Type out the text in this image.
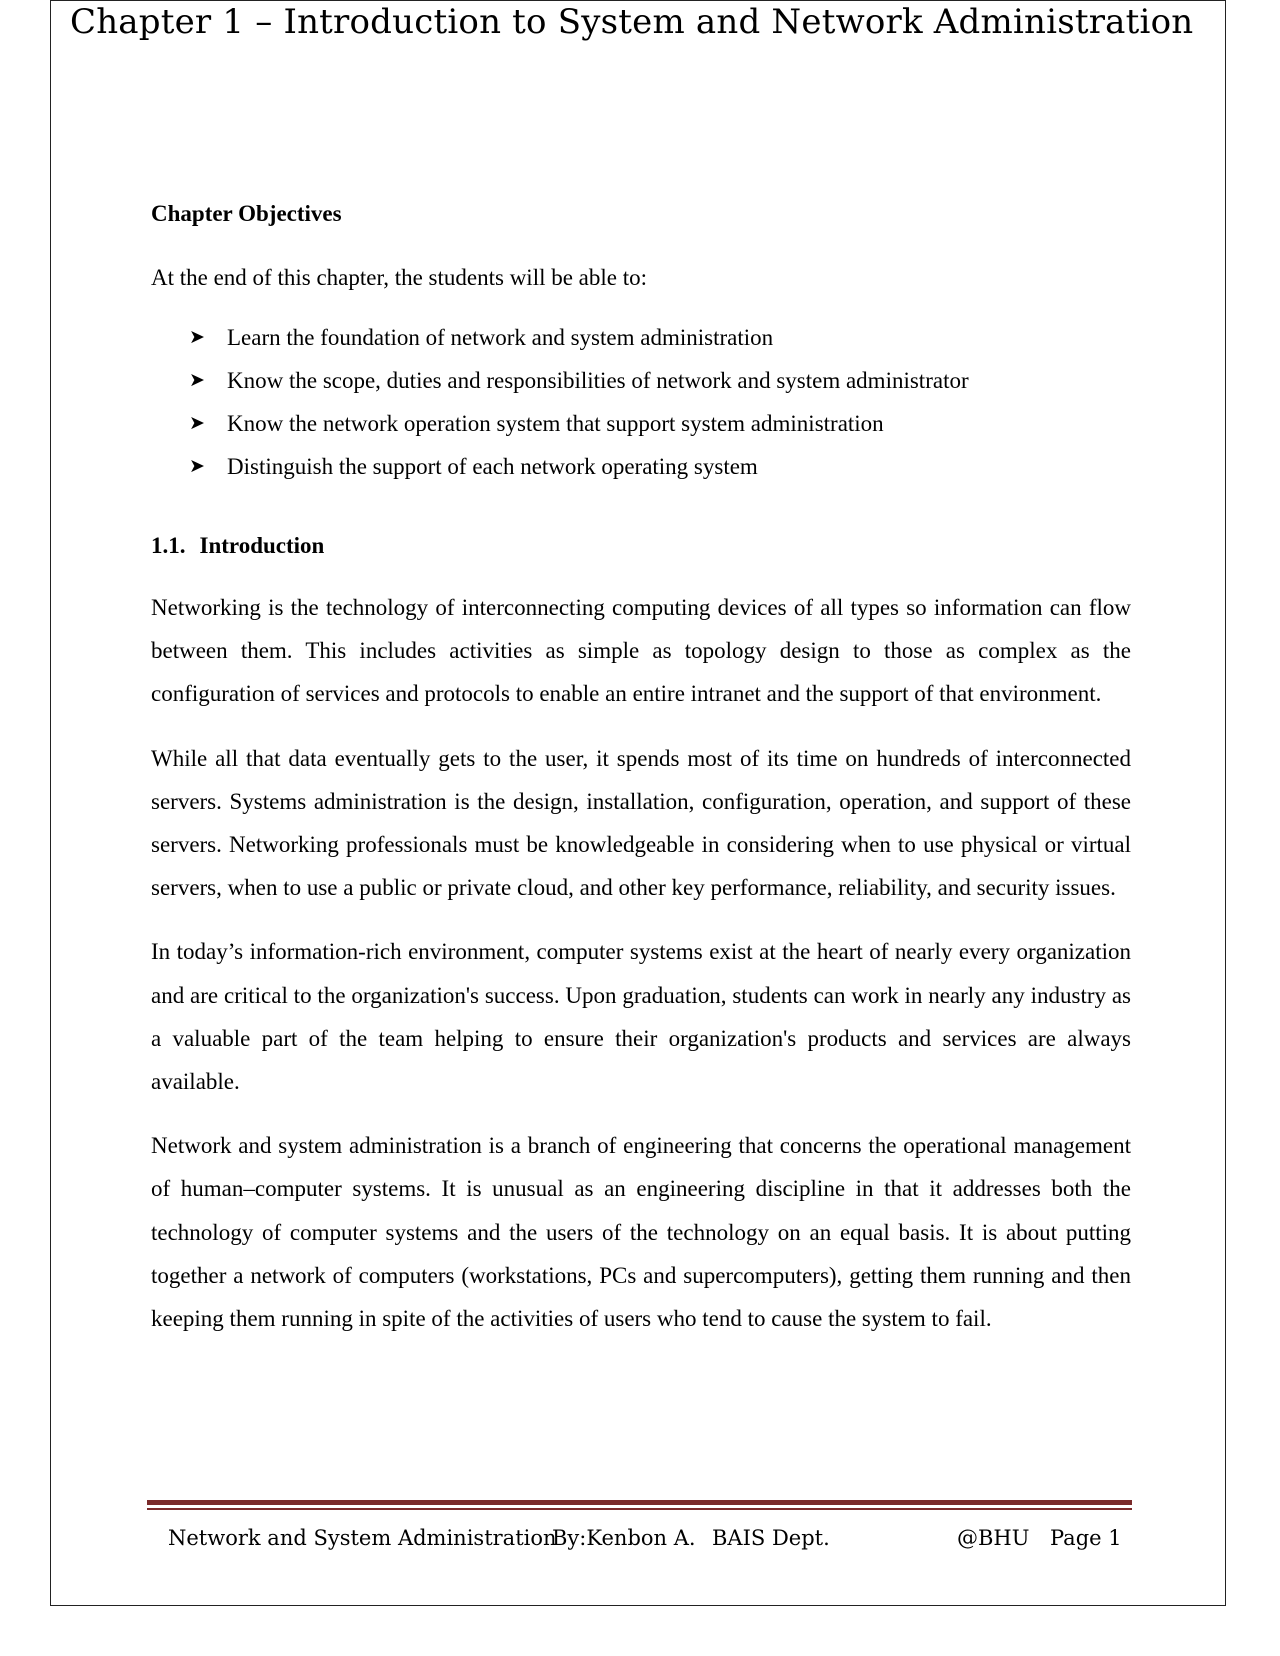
Chapter 1 – Introduction to System and Network Administration

Chapter Objectives

At the end of this chapter, the students will be able to:

➤ Learn the foundation of network and system administration
➤ Know the scope, duties and responsibilities of network and system administrator
➤ Know the network operation system that support system administration
➤ Distinguish the support of each network operating system
1.1. Introduction

Networking is the technology of interconnecting computing devices of all types so information can flow between them. This includes activities as simple as topology design to those as complex as the configuration of services and protocols to enable an entire intranet and the support of that environment.

While all that data eventually gets to the user, it spends most of its time on hundreds of interconnected servers. Systems administration is the design, installation, configuration, operation, and support of these servers. Networking professionals must be knowledgeable in considering when to use physical or virtual servers, when to use a public or private cloud, and other key performance, reliability, and security issues.

In today’s information-rich environment, computer systems exist at the heart of nearly every organization and are critical to the organization's success. Upon graduation, students can work in nearly any industry as a valuable part of the team helping to ensure their organization's products and services are always available.

Network and system administration is a branch of engineering that concerns the operational management of human–computer systems. It is unusual as an engineering discipline in that it addresses both the technology of computer systems and the users of the technology on an equal basis. It is about putting together a network of computers (workstations, PCs and supercomputers), getting them running and then keeping them running in spite of the activities of users who tend to cause the system to fail.

Network and System Administration
By:Kenbon A. BAIS Dept.	@BHU Page 1
